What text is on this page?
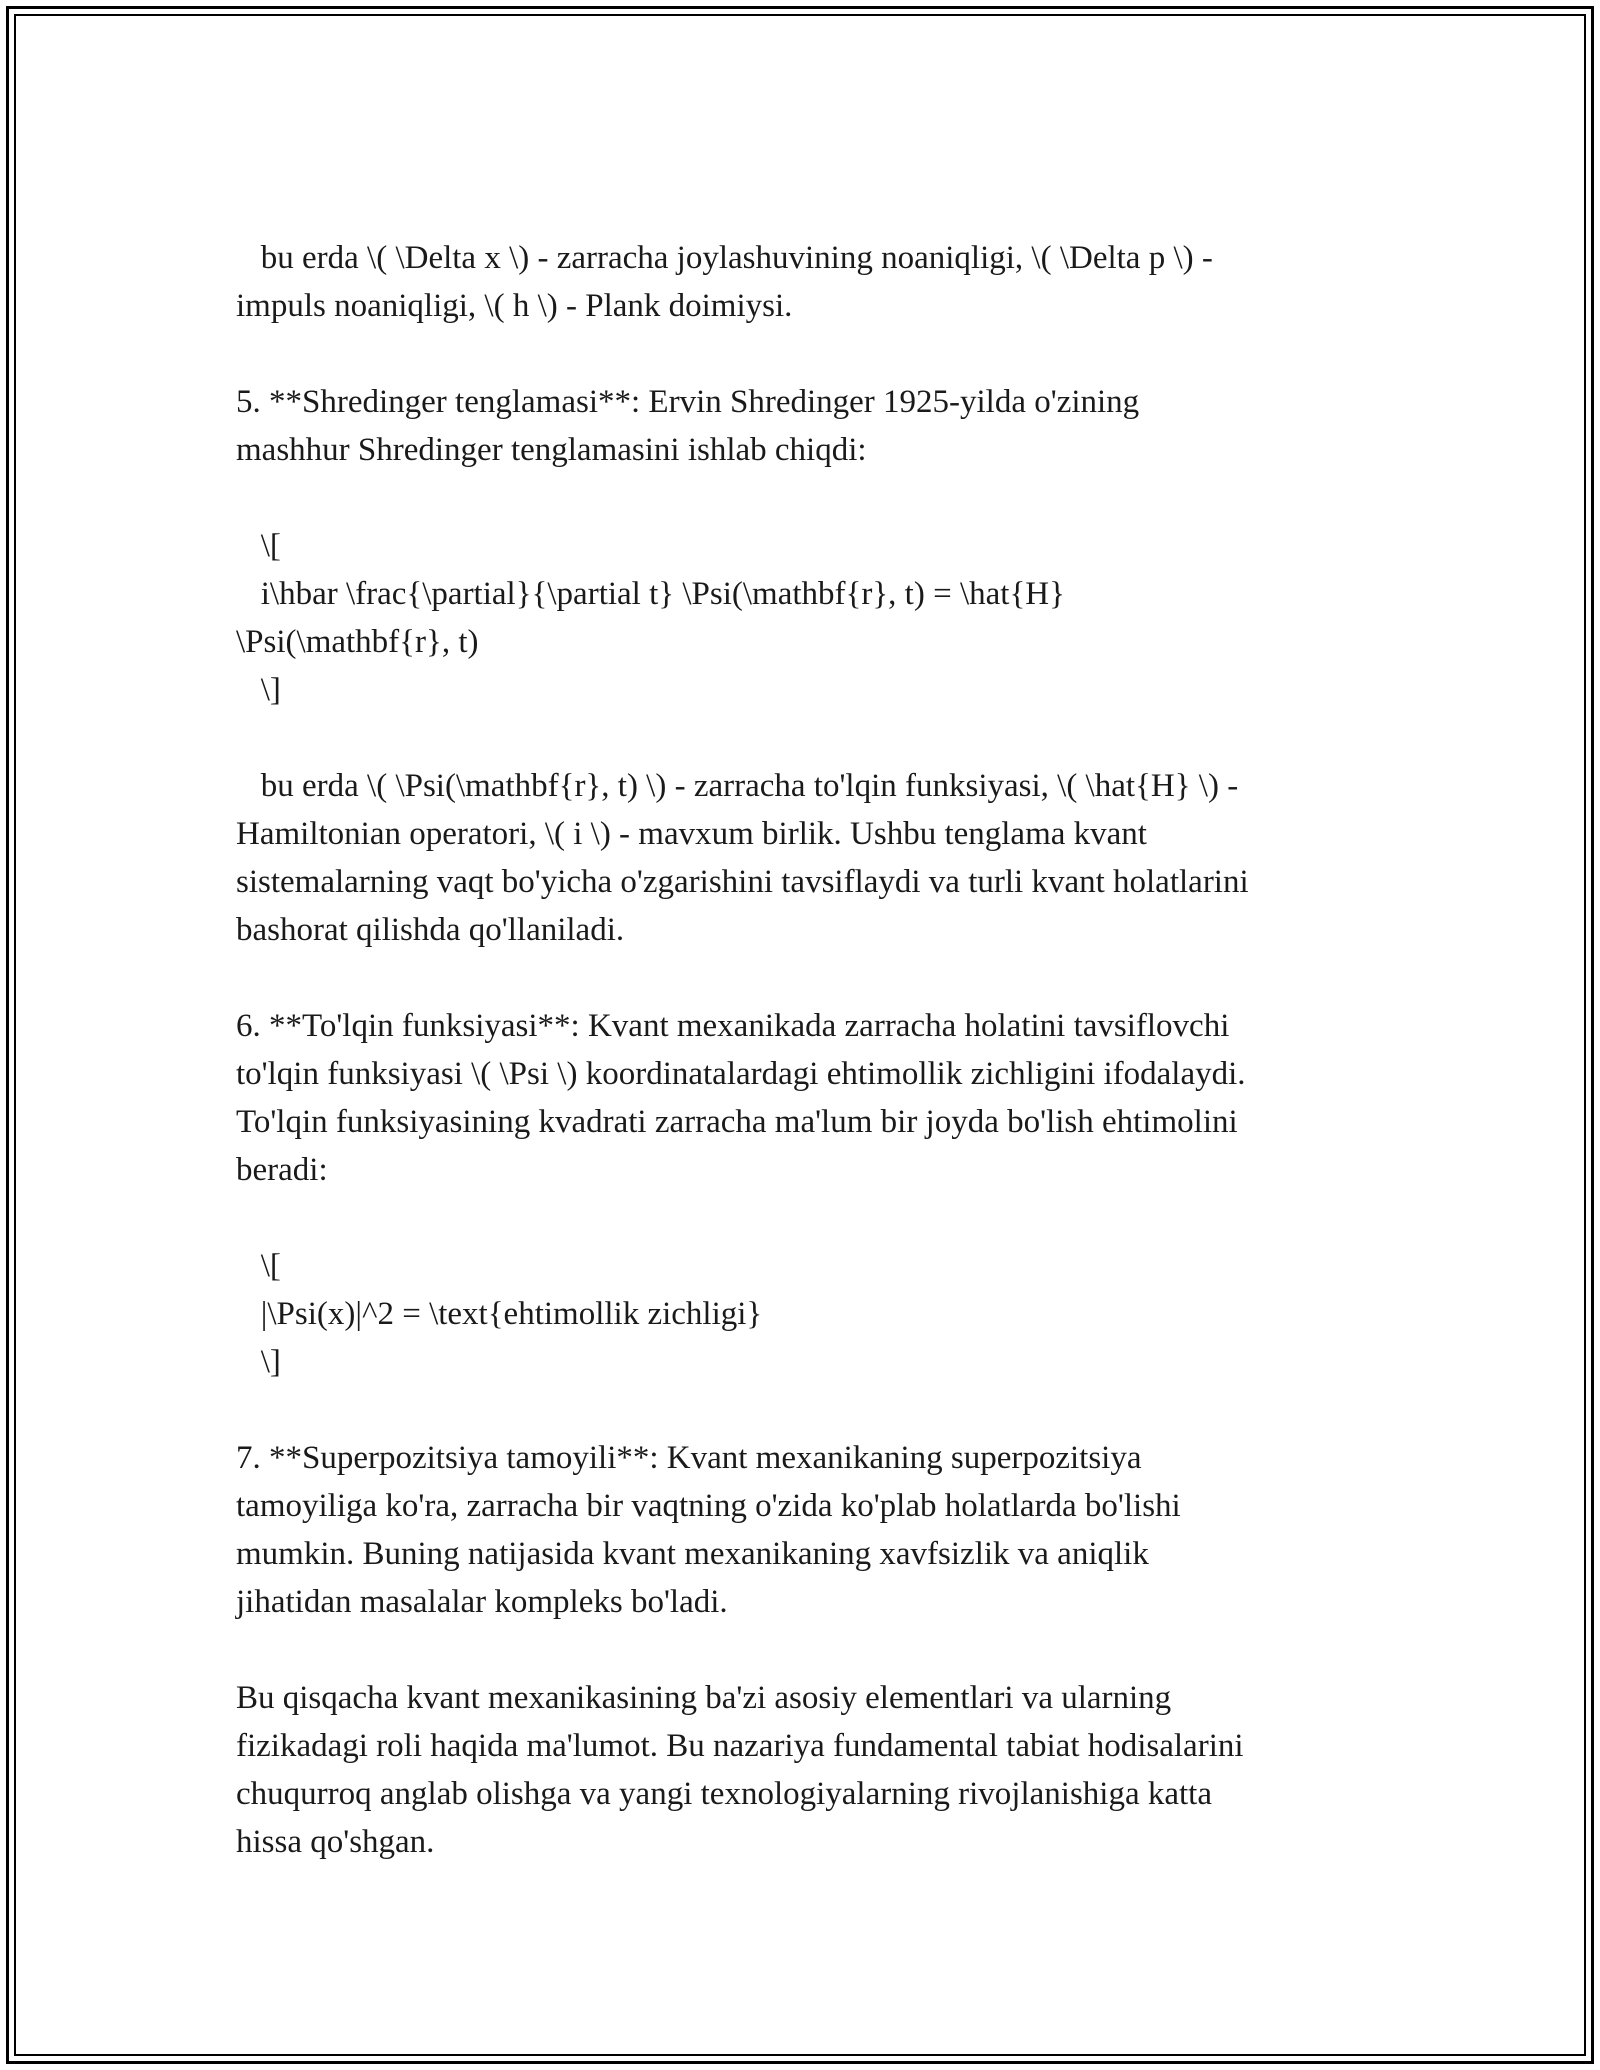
bu erda \( \Delta x \) - zarracha joylashuvining noaniqligi, \( \Delta p \) -
impuls noaniqligi, \( h \) - Plank doimiysi.
5. **Shredinger tenglamasi**: Ervin Shredinger 1925-yilda o'zining
mashhur Shredinger tenglamasini ishlab chiqdi:
\[
i\hbar \frac{\partial}{\partial t} \Psi(\mathbf{r}, t) = \hat{H}
\Psi(\mathbf{r}, t)
\]
bu erda \( \Psi(\mathbf{r}, t) \) - zarracha to'lqin funksiyasi, \( \hat{H} \) -
Hamiltonian operatori, \( i \) - mavxum birlik. Ushbu tenglama kvant
sistemalarning vaqt bo'yicha o'zgarishini tavsiflaydi va turli kvant holatlarini
bashorat qilishda qo'llaniladi.
6. **To'lqin funksiyasi**: Kvant mexanikada zarracha holatini tavsiflovchi
to'lqin funksiyasi \( \Psi \) koordinatalardagi ehtimollik zichligini ifodalaydi.
To'lqin funksiyasining kvadrati zarracha ma'lum bir joyda bo'lish ehtimolini
beradi:
\[
|\Psi(x)|^2 = \text{ehtimollik zichligi}
\]
7. **Superpozitsiya tamoyili**: Kvant mexanikaning superpozitsiya
tamoyiliga ko'ra, zarracha bir vaqtning o'zida ko'plab holatlarda bo'lishi
mumkin. Buning natijasida kvant mexanikaning xavfsizlik va aniqlik
jihatidan masalalar kompleks bo'ladi.
Bu qisqacha kvant mexanikasining ba'zi asosiy elementlari va ularning
fizikadagi roli haqida ma'lumot. Bu nazariya fundamental tabiat hodisalarini
chuqurroq anglab olishga va yangi texnologiyalarning rivojlanishiga katta
hissa qo'shgan.
